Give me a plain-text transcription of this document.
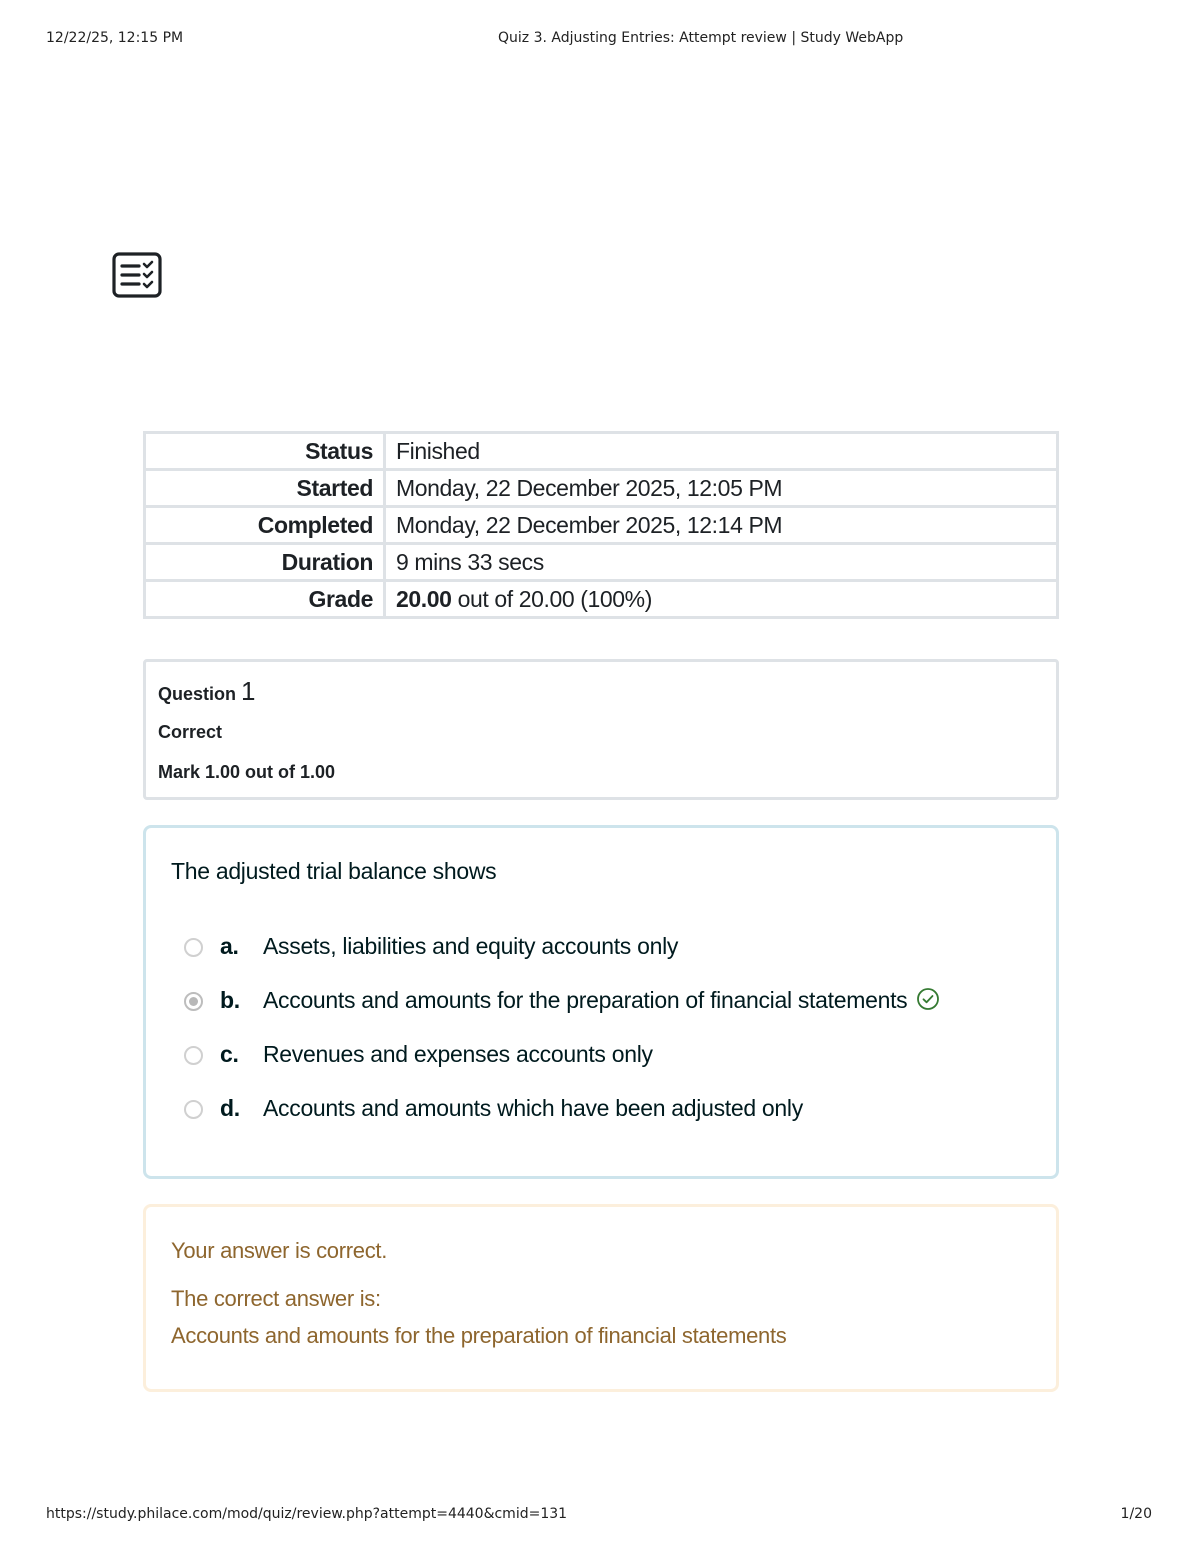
12/22/25, 12:15 PM	Quiz 3. Adjusting Entries: Attempt review | Study WebApp
Status	Finished
Started	Monday, 22 December 2025, 12:05 PM
Completed	Monday, 22 December 2025, 12:14 PM
Duration	9 mins 33 secs
Grade	20.00 out of 20.00 (100%)
Question 1
Correct
Mark 1.00 out of 1.00
The adjusted trial balance shows
a. Assets, liabilities and equity accounts only
b. Accounts and amounts for the preparation of financial statements
c. Revenues and expenses accounts only
d. Accounts and amounts which have been adjusted only
Your answer is correct.
The correct answer is:
Accounts and amounts for the preparation of financial statements
https://study.philace.com/mod/quiz/review.php?attempt=4440&cmid=131	1/20
